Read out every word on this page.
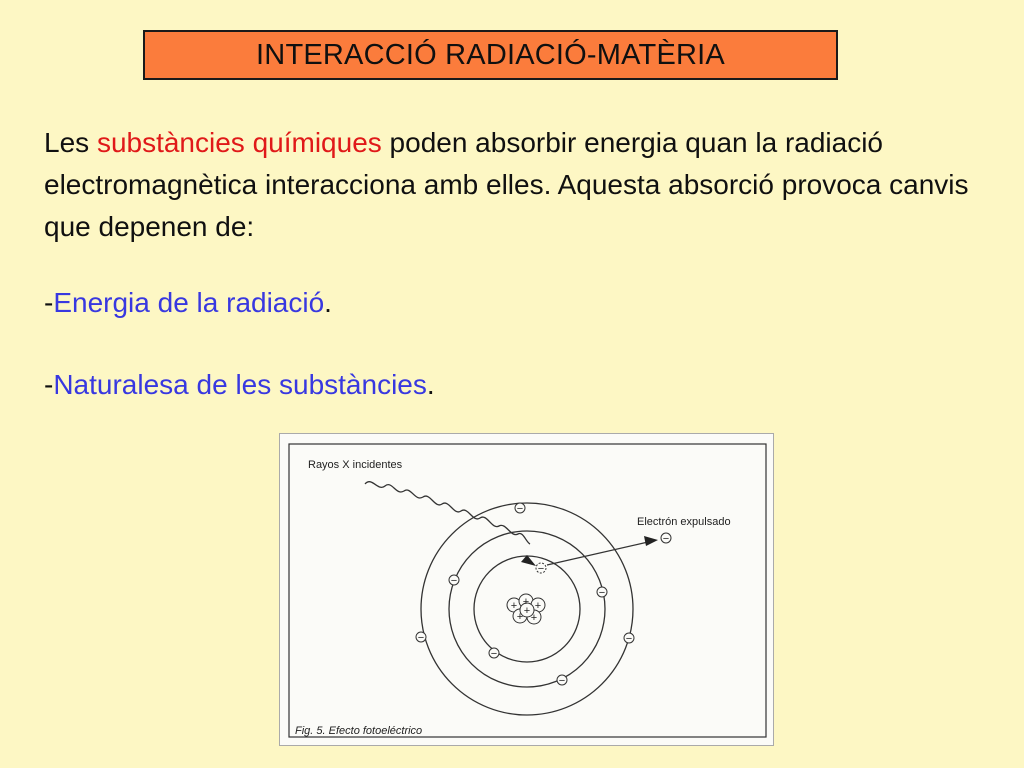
INTERACCIÓ RADIACIÓ-MATÈRIA

Les substàncies químiques poden absorbir energia quan la radiació electromagnètica interacciona amb elles. Aquesta absorció provoca canvis que depenen de:

-Energia de la radiació.
-Naturalesa de les substàncies.
+ + +
+ +
+
−
−
−
−	−
−
−
−
−
Rayos X incidentes
Electrón expulsado
Fig. 5. Efecto fotoeléctrico
